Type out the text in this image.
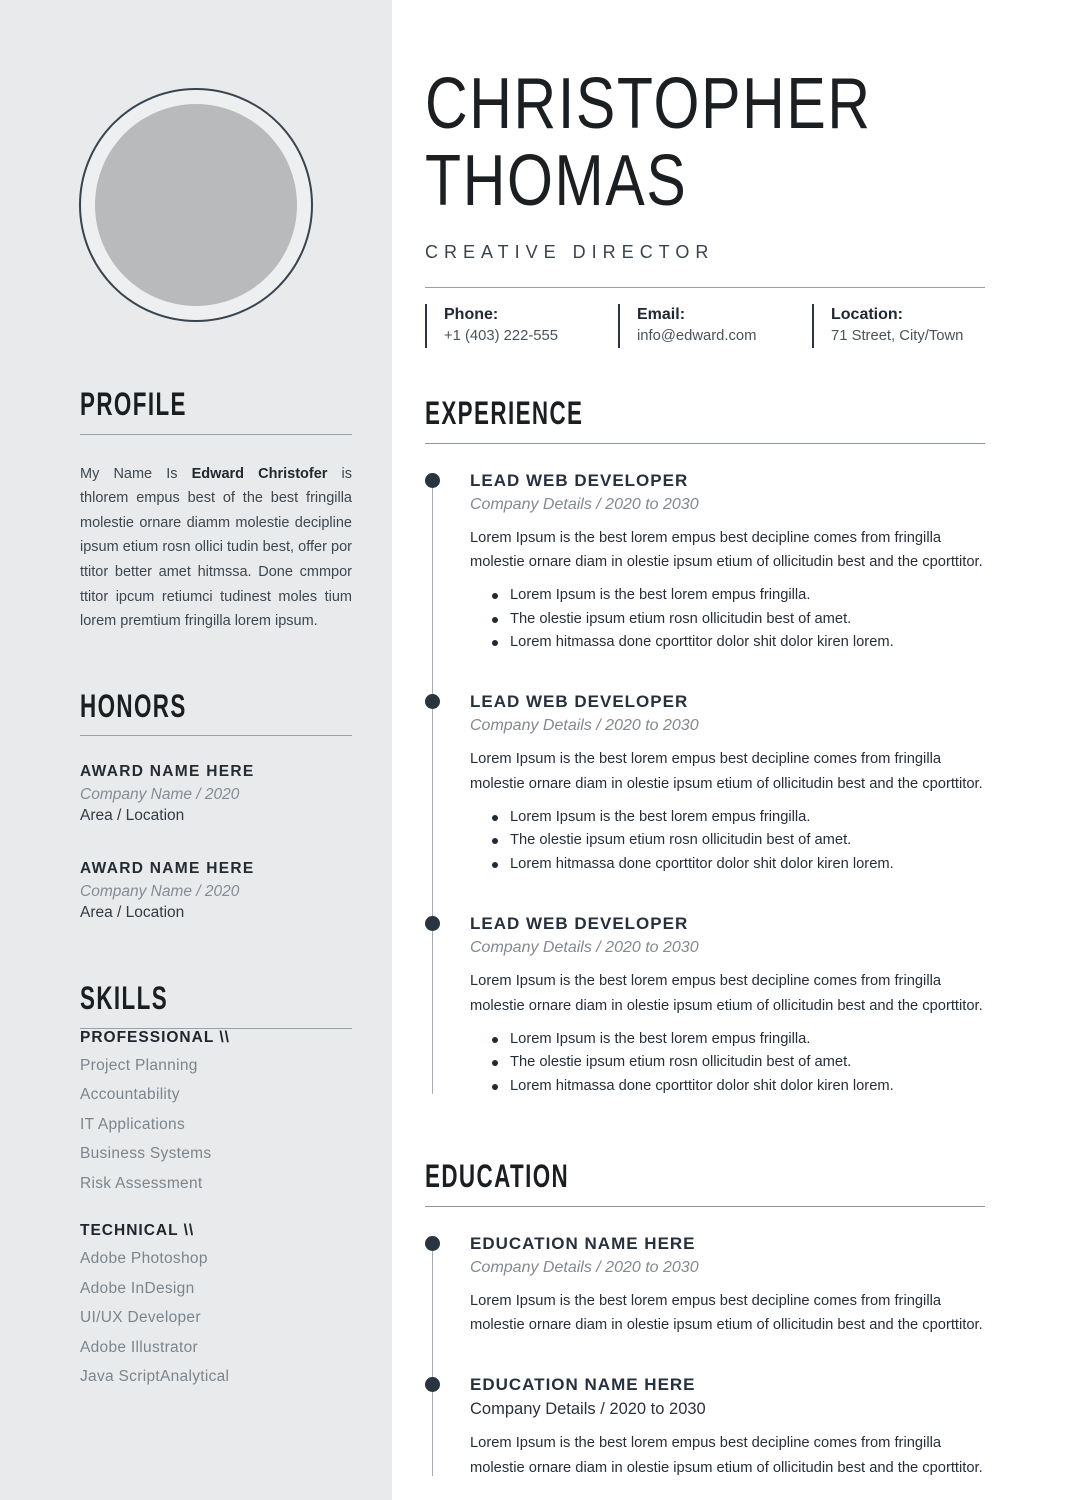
PROFILE

My Name Is Edward Christofer is thlorem empus best of the best fringilla molestie ornare diamm molestie decipline ipsum etium rosn ollici tudin best, offer por ttitor better amet hitmssa. Done cmmpor ttitor ipcum retiumci tudinest moles tium lorem premtium fringilla lorem ipsum.

HONORS
AWARD NAME HERE
Company Name / 2020
Area / Location
AWARD NAME HERE
Company Name / 2020
Area / Location
SKILLS
PROFESSIONAL \\
Project Planning
Accountability
IT Applications
Business Systems
Risk Assessment
TECHNICAL \\
Adobe Photoshop
Adobe InDesign
UI/UX Developer
Adobe Illustrator
Java ScriptAnalytical
CHRISTOPHER
THOMAS
CREATIVE DIRECTOR
Phone:
+1 (403) 222-555
Email:
info@edward.com
Location:
71 Street, City/Town
EXPERIENCE
LEAD WEB DEVELOPER
Company Details / 2020 to 2030

Lorem Ipsum is the best lorem empus best decipline comes from fringilla molestie ornare diam in olestie ipsum etium of ollicitudin best and the cporttitor.

Lorem Ipsum is the best lorem empus fringilla.
The olestie ipsum etium rosn ollicitudin best of amet.
Lorem hitmassa done cporttitor dolor shit dolor kiren lorem.
LEAD WEB DEVELOPER
Company Details / 2020 to 2030

Lorem Ipsum is the best lorem empus best decipline comes from fringilla molestie ornare diam in olestie ipsum etium of ollicitudin best and the cporttitor.

Lorem Ipsum is the best lorem empus fringilla.
The olestie ipsum etium rosn ollicitudin best of amet.
Lorem hitmassa done cporttitor dolor shit dolor kiren lorem.
LEAD WEB DEVELOPER
Company Details / 2020 to 2030

Lorem Ipsum is the best lorem empus best decipline comes from fringilla molestie ornare diam in olestie ipsum etium of ollicitudin best and the cporttitor.

Lorem Ipsum is the best lorem empus fringilla.
The olestie ipsum etium rosn ollicitudin best of amet.
Lorem hitmassa done cporttitor dolor shit dolor kiren lorem.
EDUCATION
EDUCATION NAME HERE
Company Details / 2020 to 2030

Lorem Ipsum is the best lorem empus best decipline comes from fringilla molestie ornare diam in olestie ipsum etium of ollicitudin best and the cporttitor.

EDUCATION NAME HERE
Company Details / 2020 to 2030

Lorem Ipsum is the best lorem empus best decipline comes from fringilla molestie ornare diam in olestie ipsum etium of ollicitudin best and the cporttitor.
